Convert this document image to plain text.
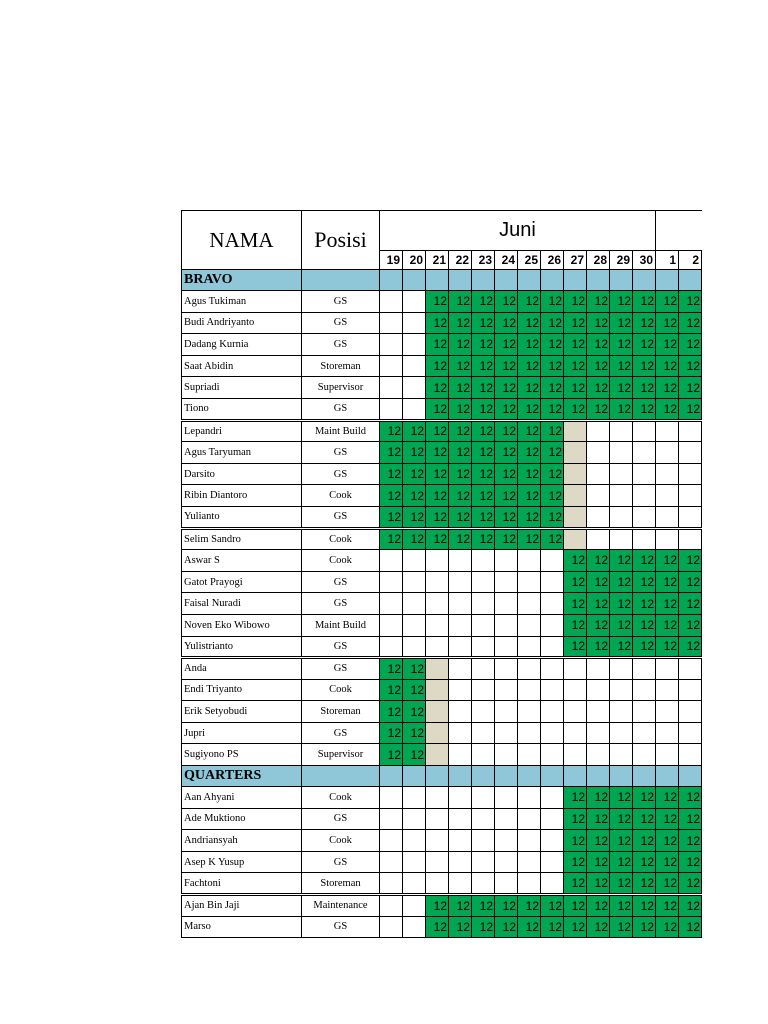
NAMA	Posisi	Juni													
		19	20	21	22	23	24	25	26	27	28	29	30	1	2
BRAVO															
Agus Tukiman	GS			12	12	12	12	12	12	12	12	12	12	12	12
Budi Andriyanto	GS			12	12	12	12	12	12	12	12	12	12	12	12
Dadang Kurnia	GS			12	12	12	12	12	12	12	12	12	12	12	12
Saat Abidin	Storeman			12	12	12	12	12	12	12	12	12	12	12	12
Supriadi	Supervisor			12	12	12	12	12	12	12	12	12	12	12	12
Tiono	GS			12	12	12	12	12	12	12	12	12	12	12	12
Lepandri	Maint Build	12	12	12	12	12	12	12	12						
Agus Taryuman	GS	12	12	12	12	12	12	12	12						
Darsito	GS	12	12	12	12	12	12	12	12						
Ribin Diantoro	Cook	12	12	12	12	12	12	12	12						
Yulianto	GS	12	12	12	12	12	12	12	12						
Selim Sandro	Cook	12	12	12	12	12	12	12	12						
Aswar S	Cook									12	12	12	12	12	12
Gatot Prayogi	GS									12	12	12	12	12	12
Faisal Nuradi	GS									12	12	12	12	12	12
Noven Eko Wibowo	Maint Build									12	12	12	12	12	12
Yulistrianto	GS									12	12	12	12	12	12
Anda	GS	12	12												
Endi Triyanto	Cook	12	12												
Erik Setyobudi	Storeman	12	12												
Jupri	GS	12	12												
Sugiyono PS	Supervisor	12	12												
QUARTERS															
Aan Ahyani	Cook									12	12	12	12	12	12
Ade Muktiono	GS									12	12	12	12	12	12
Andriansyah	Cook									12	12	12	12	12	12
Asep K Yusup	GS									12	12	12	12	12	12
Fachtoni	Storeman									12	12	12	12	12	12
Ajan Bin Jaji	Maintenance			12	12	12	12	12	12	12	12	12	12	12	12
Marso	GS			12	12	12	12	12	12	12	12	12	12	12	12
